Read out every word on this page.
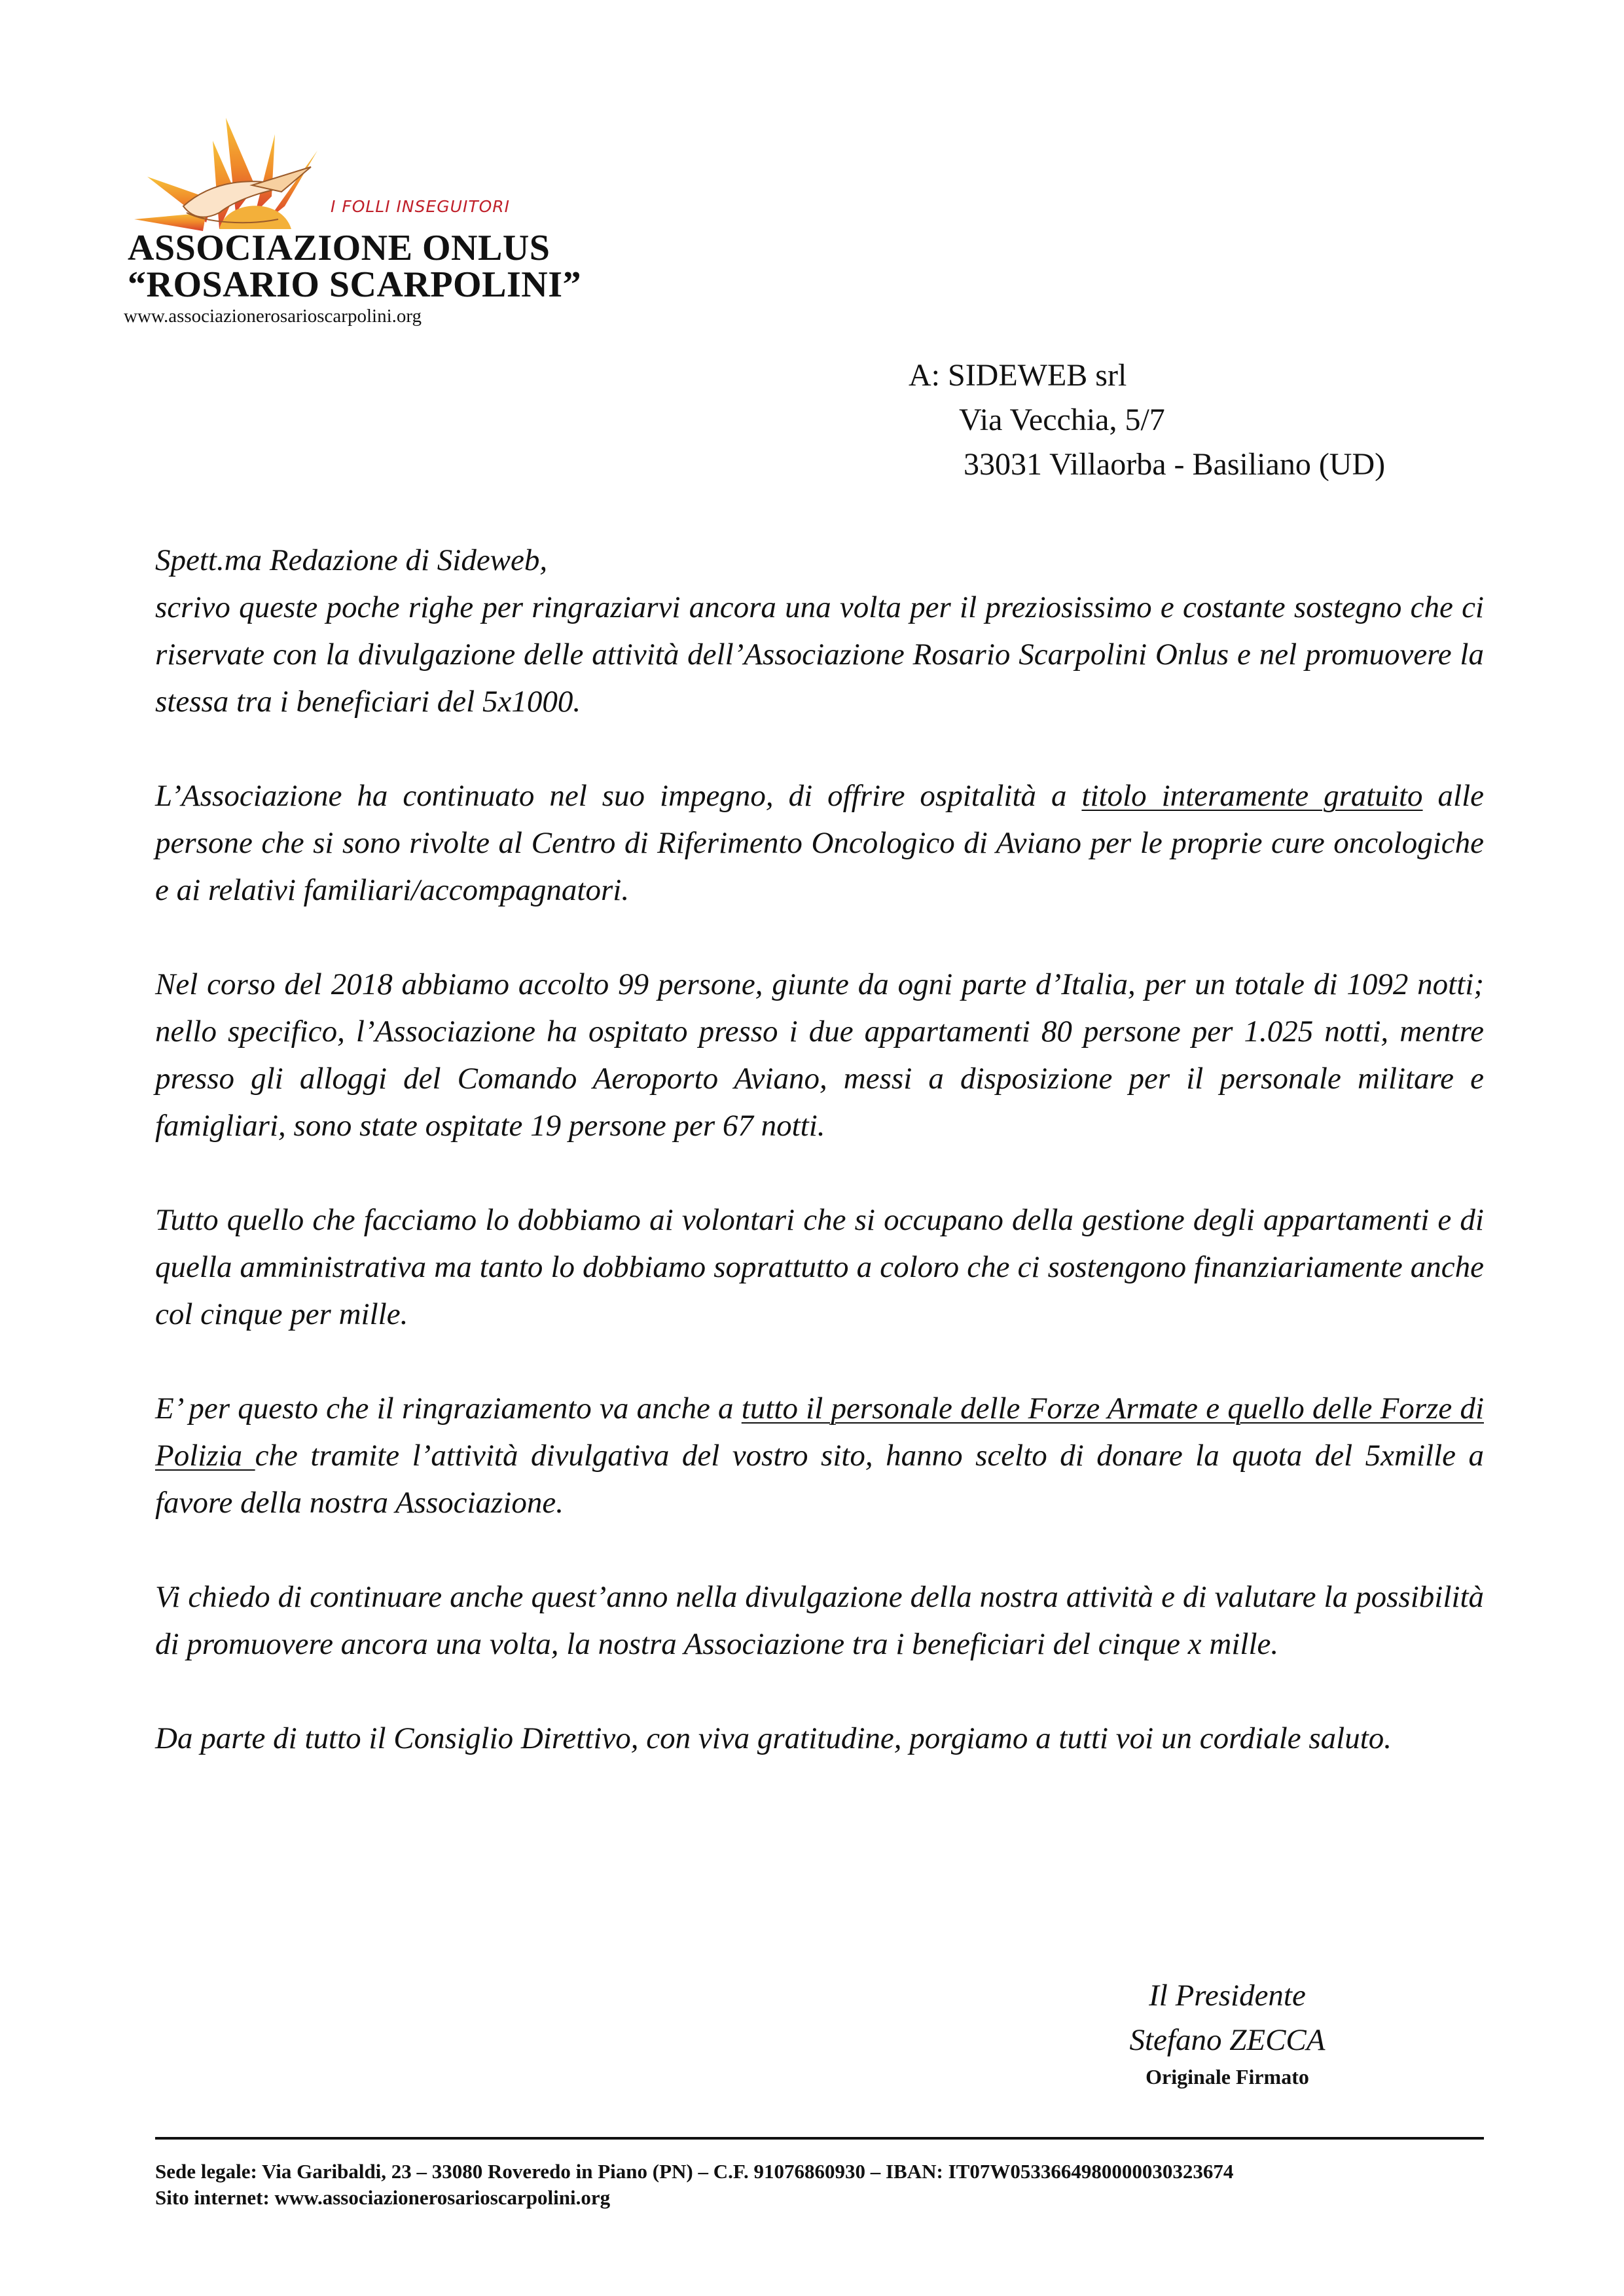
I FOLLI INSEGUITORI
ASSOCIAZIONE ONLUS
“ROSARIO SCARPOLINI”
www.associazionerosarioscarpolini.org
A: SIDEWEB srl
Via Vecchia, 5/7
33031 Villaorba - Basiliano (UD)

Spett.ma Redazione di Sideweb,
scrivo queste poche righe per ringraziarvi ancora una volta per il preziosissimo e costante sostegno che ci riservate con la divulgazione delle attività dell’Associazione Rosario Scarpolini Onlus e nel promuovere la stessa tra i beneficiari del 5x1000.

L’Associazione ha continuato nel suo impegno, di offrire ospitalità a titolo interamente gratuito alle persone che si sono rivolte al Centro di Riferimento Oncologico di Aviano per le proprie cure oncologiche e ai relativi familiari/accompagnatori.

Nel corso del 2018 abbiamo accolto 99 persone, giunte da ogni parte d’Italia, per un totale di 1092 notti; nello specifico, l’Associazione ha ospitato presso i due appartamenti 80 persone per 1.025 notti, mentre presso gli alloggi del Comando Aeroporto Aviano, messi a disposizione per il personale militare e famigliari, sono state ospitate 19 persone per 67 notti.

Tutto quello che facciamo lo dobbiamo ai volontari che si occupano della gestione degli appartamenti e di quella amministrativa ma tanto lo dobbiamo soprattutto a coloro che ci sostengono finanziariamente anche col cinque per mille.

E’ per questo che il ringraziamento va anche a tutto il personale delle Forze Armate e quello delle Forze di Polizia che tramite l’attività divulgativa del vostro sito, hanno scelto di donare la quota del 5xmille a favore della nostra Associazione.

Vi chiedo di continuare anche quest’anno nella divulgazione della nostra attività e di valutare la possibilità di promuovere ancora una volta, la nostra Associazione tra i beneficiari del cinque x mille.

Da parte di tutto il Consiglio Direttivo, con viva gratitudine, porgiamo a tutti voi un cordiale saluto.

Il Presidente
Stefano ZECCA
Originale Firmato
Sede legale: Via Garibaldi, 23 – 33080 Roveredo in Piano (PN) – C.F. 91076860930 – IBAN: IT07W0533664980000030323674
Sito internet: www.associazionerosarioscarpolini.org
